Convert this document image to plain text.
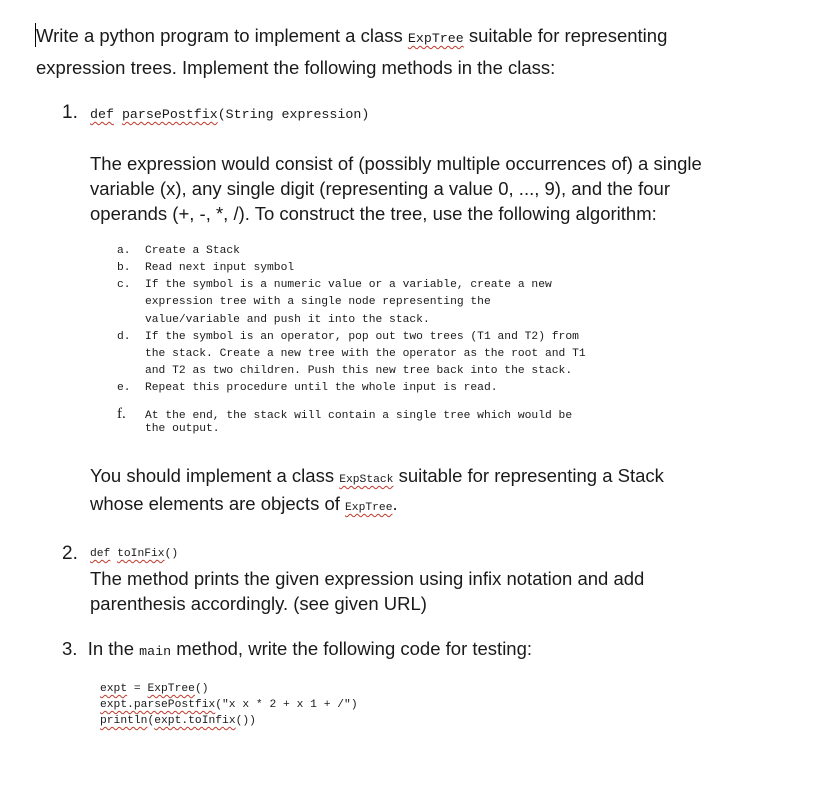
Write a python program to implement a class ExpTree suitable for representing
expression trees. Implement the following methods in the class:
1. def parsePostfix(String expression)
The expression would consist of (possibly multiple occurrences of) a single
variable (x), any single digit (representing a value 0, ..., 9), and the four
operands (+, -, *, /). To construct the tree, use the following algorithm:
a. Create a Stack
b. Read next input symbol
c. If the symbol is a numeric value or a variable, create a new
expression tree with a single node representing the
value/variable and push it into the stack.
d. If the symbol is an operator, pop out two trees (T1 and T2) from
the stack. Create a new tree with the operator as the root and T1
and T2 as two children. Push this new tree back into the stack.
e. Repeat this procedure until the whole input is read.
f. At the end, the stack will contain a single tree which would be
the output.
You should implement a class ExpStack suitable for representing a Stack
whose elements are objects of ExpTree.
2. def toInFix()
The method prints the given expression using infix notation and add
parenthesis accordingly. (see given URL)
3. In the main method, write the following code for testing:
expt = ExpTree()
expt.parsePostfix("x x * 2 + x 1 + /")
println(expt.toInfix())
